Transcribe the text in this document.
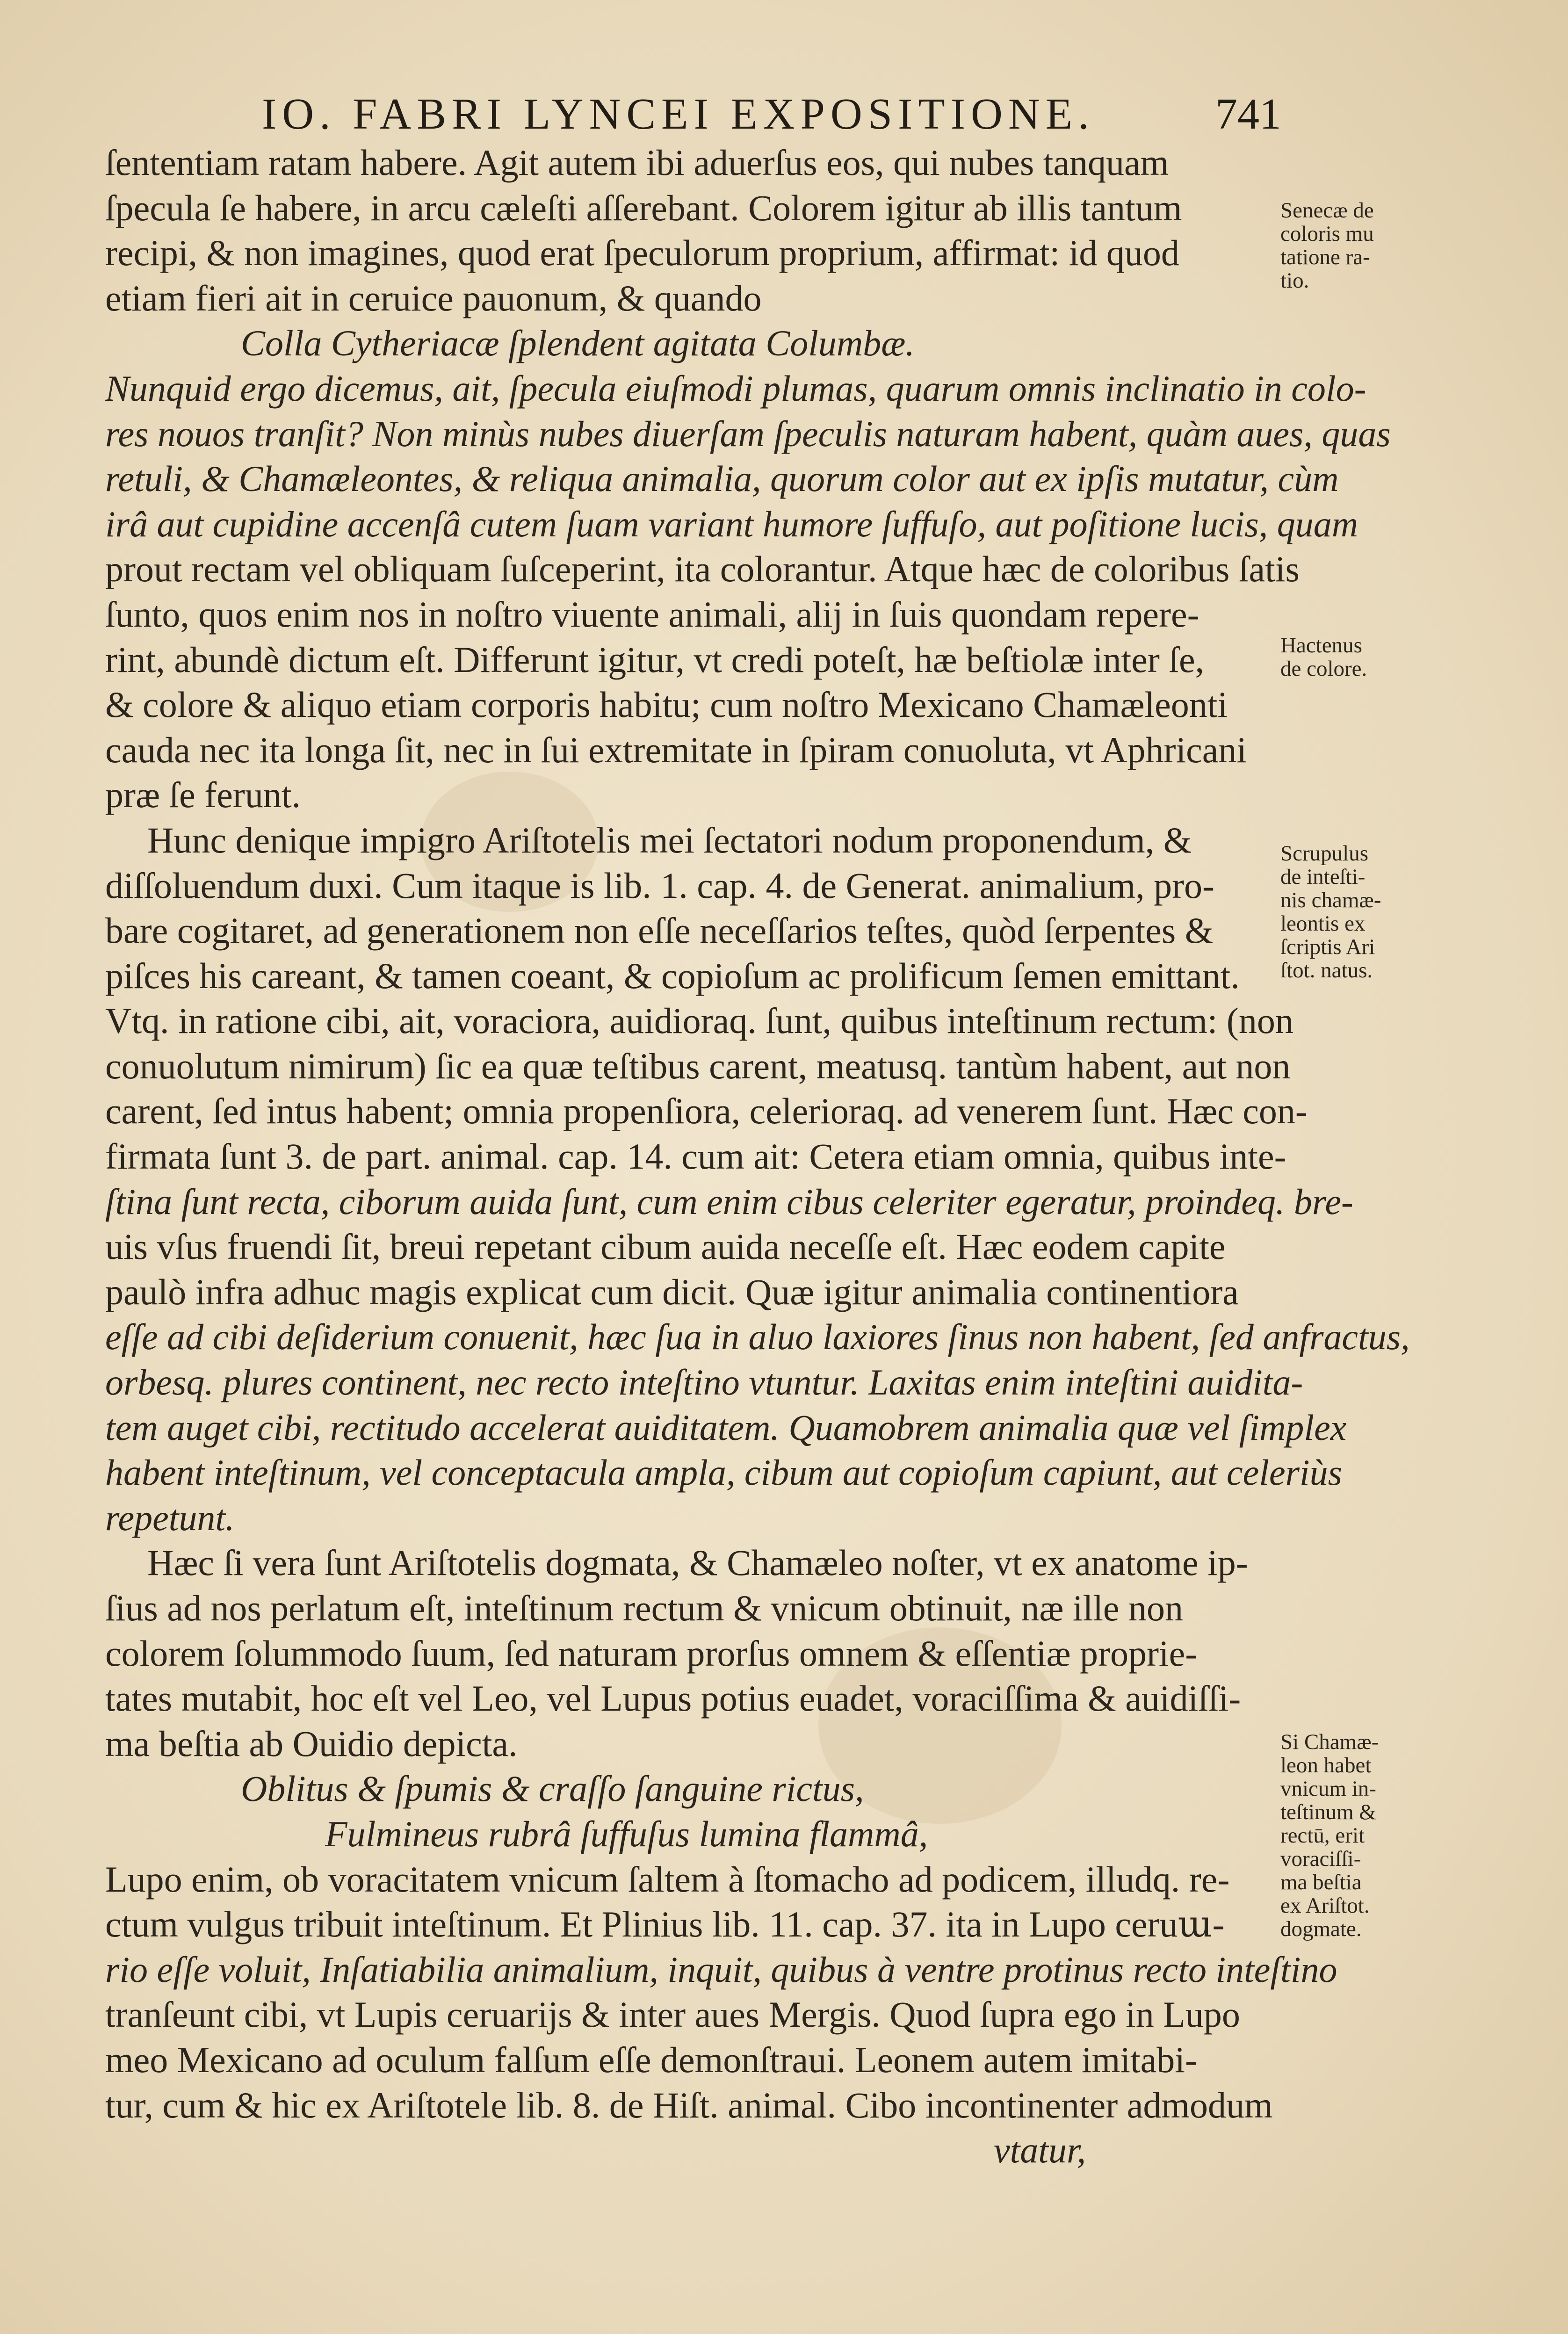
IO. FABRI LYNCEI EXPOSITIONE.	741
ſententiam ratam habere. Agit autem ibi aduerſus eos, qui nubes tanquam
ſpecula ſe habere, in arcu cæleſti aſſerebant. Colorem igitur ab illis tantum
recipi, & non imagines, quod erat ſpeculorum proprium, affirmat: id quod
etiam fieri ait in ceruice pauonum, & quando
Colla Cytheriacæ ſplendent agitata Columbæ.
Nunquid ergo dicemus, ait, ſpecula eiuſmodi plumas, quarum omnis inclinatio in colo-
res nouos tranſit? Non minùs nubes diuerſam ſpeculis naturam habent, quàm aues, quas
retuli, & Chamæleontes, & reliqua animalia, quorum color aut ex ipſis mutatur, cùm
irâ aut cupidine accenſâ cutem ſuam variant humore ſuffuſo, aut poſitione lucis, quam
prout rectam vel obliquam ſuſceperint, ita colorantur. Atque hæc de coloribus ſatis
ſunto, quos enim nos in noſtro viuente animali, alij in ſuis quondam repere-
rint, abundè dictum eſt. Differunt igitur, vt credi poteſt, hæ beſtiolæ inter ſe,
& colore & aliquo etiam corporis habitu; cum noſtro Mexicano Chamæleonti
cauda nec ita longa ſit, nec in ſui extremitate in ſpiram conuoluta, vt Aphricani
præ ſe ferunt.
Hunc denique impigro Ariſtotelis mei ſectatori nodum proponendum, &
diſſoluendum duxi. Cum itaque is lib. 1. cap. 4. de Generat. animalium, pro-
bare cogitaret, ad generationem non eſſe neceſſarios teſtes, quòd ſerpentes &
piſces his careant, & tamen coeant, & copioſum ac prolificum ſemen emittant.
Vtq. in ratione cibi, ait, voraciora, auidioraq. ſunt, quibus inteſtinum rectum: (non
conuolutum nimirum) ſic ea quæ teſtibus carent, meatusq. tantùm habent, aut non
carent, ſed intus habent; omnia propenſiora, celerioraq. ad venerem ſunt. Hæc con-
firmata ſunt 3. de part. animal. cap. 14. cum ait: Cetera etiam omnia, quibus inte-
ſtina ſunt recta, ciborum auida ſunt, cum enim cibus celeriter egeratur, proindeq. bre-
uis vſus fruendi ſit, breui repetant cibum auida neceſſe eſt. Hæc eodem capite
paulò infra adhuc magis explicat cum dicit. Quæ igitur animalia continentiora
eſſe ad cibi deſiderium conuenit, hæc ſua in aluo laxiores ſinus non habent, ſed anfractus,
orbesq. plures continent, nec recto inteſtino vtuntur. Laxitas enim inteſtini auidita-
tem auget cibi, rectitudo accelerat auiditatem. Quamobrem animalia quæ vel ſimplex
habent inteſtinum, vel conceptacula ampla, cibum aut copioſum capiunt, aut celeriùs
repetunt.
Hæc ſi vera ſunt Ariſtotelis dogmata, & Chamæleo noſter, vt ex anatome ip-
ſius ad nos perlatum eſt, inteſtinum rectum & vnicum obtinuit, næ ille non
colorem ſolummodo ſuum, ſed naturam prorſus omnem & eſſentiæ proprie-
tates mutabit, hoc eſt vel Leo, vel Lupus potius euadet, voraciſſima & auidiſſi-
ma beſtia ab Ouidio depicta.
Oblitus & ſpumis & craſſo ſanguine rictus,
Fulmineus rubrâ ſuffuſus lumina flammâ,
Lupo enim, ob voracitatem vnicum ſaltem à ſtomacho ad podicem, illudq. re-
ctum vulgus tribuit inteſtinum. Et Plinius lib. 11. cap. 37. ita in Lupo ceruա-
rio eſſe voluit, Inſatiabilia animalium, inquit, quibus à ventre protinus recto inteſtino
tranſeunt cibi, vt Lupis ceruarijs & inter aues Mergis. Quod ſupra ego in Lupo
meo Mexicano ad oculum falſum eſſe demonſtraui. Leonem autem imitabi-
tur, cum & hic ex Ariſtotele lib. 8. de Hiſt. animal. Cibo incontinenter admodum
vtatur,
Senecæ de
coloris mu
tatione ra-
tio.
Hactenus
de colore.
Scrupulus
de inteſti-
nis chamæ-
leontis ex
ſcriptis Ari
ſtot. natus.
Si Chamæ-
leon habet
vnicum in-
teſtinum &
rectū, erit
voraciſſi-
ma beſtia
ex Ariſtot.
dogmate.
